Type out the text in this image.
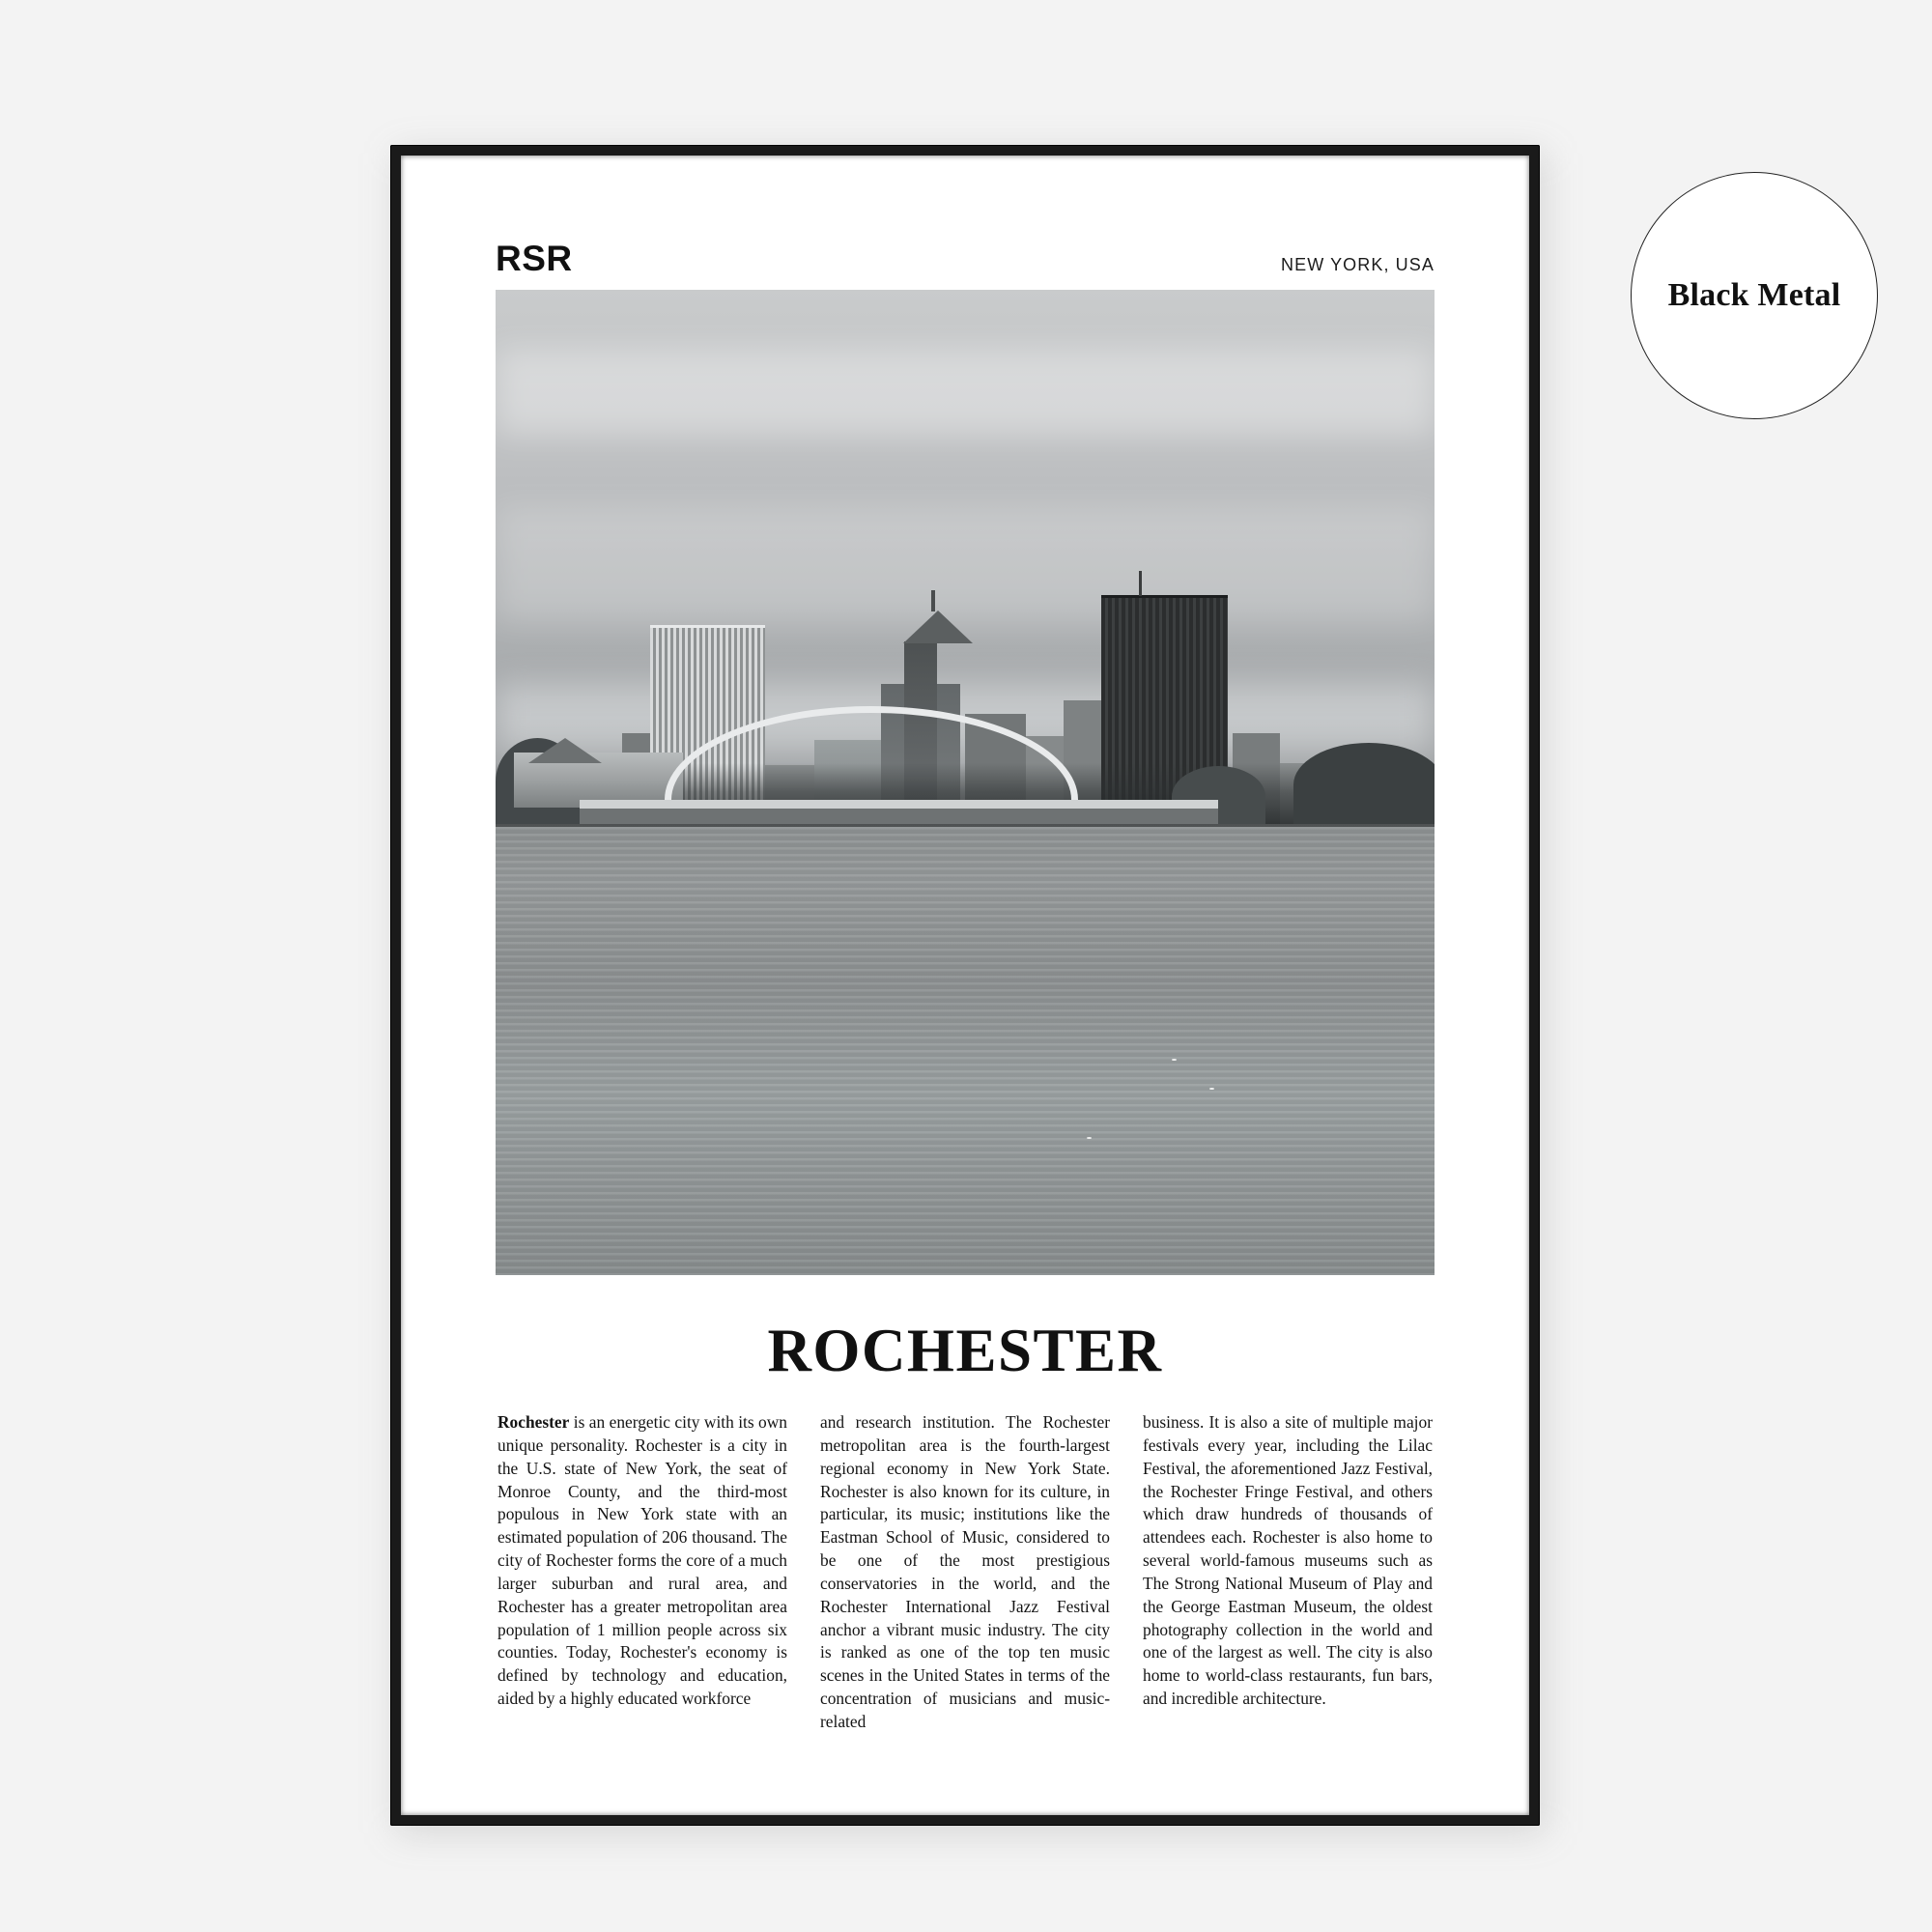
RSR	NEW YORK, USA
ROCHESTER
Rochester is an energetic city with its own unique personality. Rochester is a city in the U.S. state of New York, the seat of Monroe County, and the third-most populous in New York state with an estimated population of 206 thousand. The city of Rochester forms the core of a much larger suburban and rural area, and Rochester has a greater metropolitan area population of 1 million people across six counties. Today, Rochester's economy is defined by technology and education, aided by a highly educated workforce
and research institution. The Rochester metropolitan area is the fourth-largest regional economy in New York State. Rochester is also known for its culture, in particular, its music; institutions like the Eastman School of Music, considered to be one of the most prestigious conservatories in the world, and the Rochester International Jazz Festival anchor a vibrant music industry. The city is ranked as one of the top ten music scenes in the United States in terms of the concentration of musicians and music-related
business. It is also a site of multiple major festivals every year, including the Lilac Festival, the aforementioned Jazz Festival, the Rochester Fringe Festival, and others which draw hundreds of thousands of attendees each. Rochester is also home to several world-famous museums such as The Strong National Museum of Play and the George Eastman Museum, the oldest photography collection in the world and one of the largest as well. The city is also home to world-class restaurants, fun bars, and incredible architecture.
Black Metal
